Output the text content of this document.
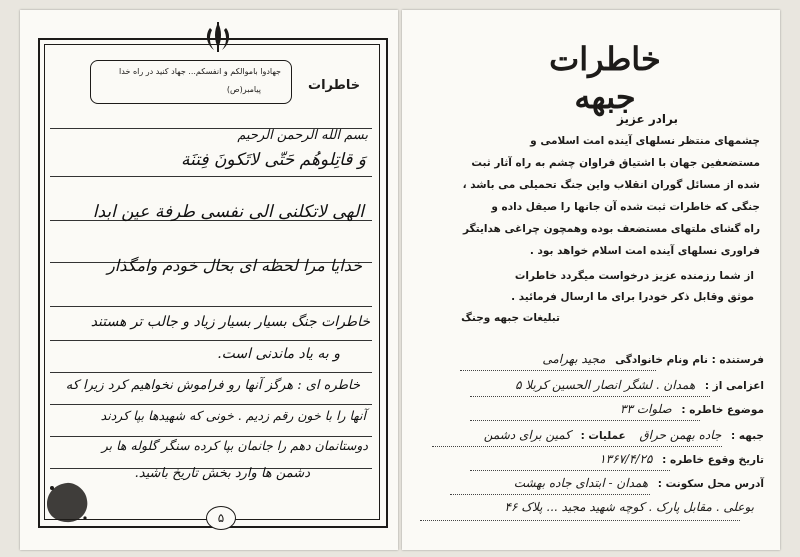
جهادوا باموالکم و انفسکم... جهاد کنید در راه خدا
پیامبر(ص)	خاطرات
بسم الله الرحمن الرحیم
وَ قاتِلوهُم حَتّی لاتَکونَ فِتنَة
الهی لاتکلنی الی نفسی طرفة عین ابدا
خدایا مرا لحظه ای بحال خودم وامگذار
خاطرات جنگ بسیار بسیار زیاد و جالب تر هستند
و به یاد ماندنی است.
خاطره ای : هرگز آنها رو فراموش نخواهیم کرد زیرا که
آنها را با خون رقم زدیم . خونی که شهیدها بپا کردند
دوستانمان دهم را جانمان بپا کرده سنگر گلوله ها بر
دشمن ها وارد بخش تاریخ باشید.
۵
خاطرات جبهه
برادر عزیز
چشمهای منتظر نسلهای آینده امت اسلامی و
مستضعفین جهان با اشتیاق فراوان چشم به راه آثار ثبت
شده از مسائل گوران انقلاب واین جنگ تحمیلی می باشد ،
جنگی که خاطرات ثبت شده آن جانها را صیقل داده و
راه گشای ملتهای مستضعف بوده وهمچون چراغی هدایتگر
فراوری نسلهای آینده امت اسلام خواهد بود .
از شما رزمنده عزیز درخواست میگردد خاطرات
موثق وقابل ذکر خودرا برای ما ارسال فرمائید .
تبلیغات جبهه وجنگ
فرستنده : نام ونام خانوادگی مجید بهرامی
اعزامی از : همدان . لشگر انصار الحسین کربلا ۵
موضوع خاطره : صلوات ۳۳
جبهه : جاده بهمن حراق عملیات : کمین برای دشمن
تاریخ وقوع خاطره : ۱۳۶۷/۴/۲۵
آدرس محل سکونت : همدان - ابتدای جاده بهشت
بوعلی . مقابل پارک . کوچه شهید مجید ... پلاک ۴۶
